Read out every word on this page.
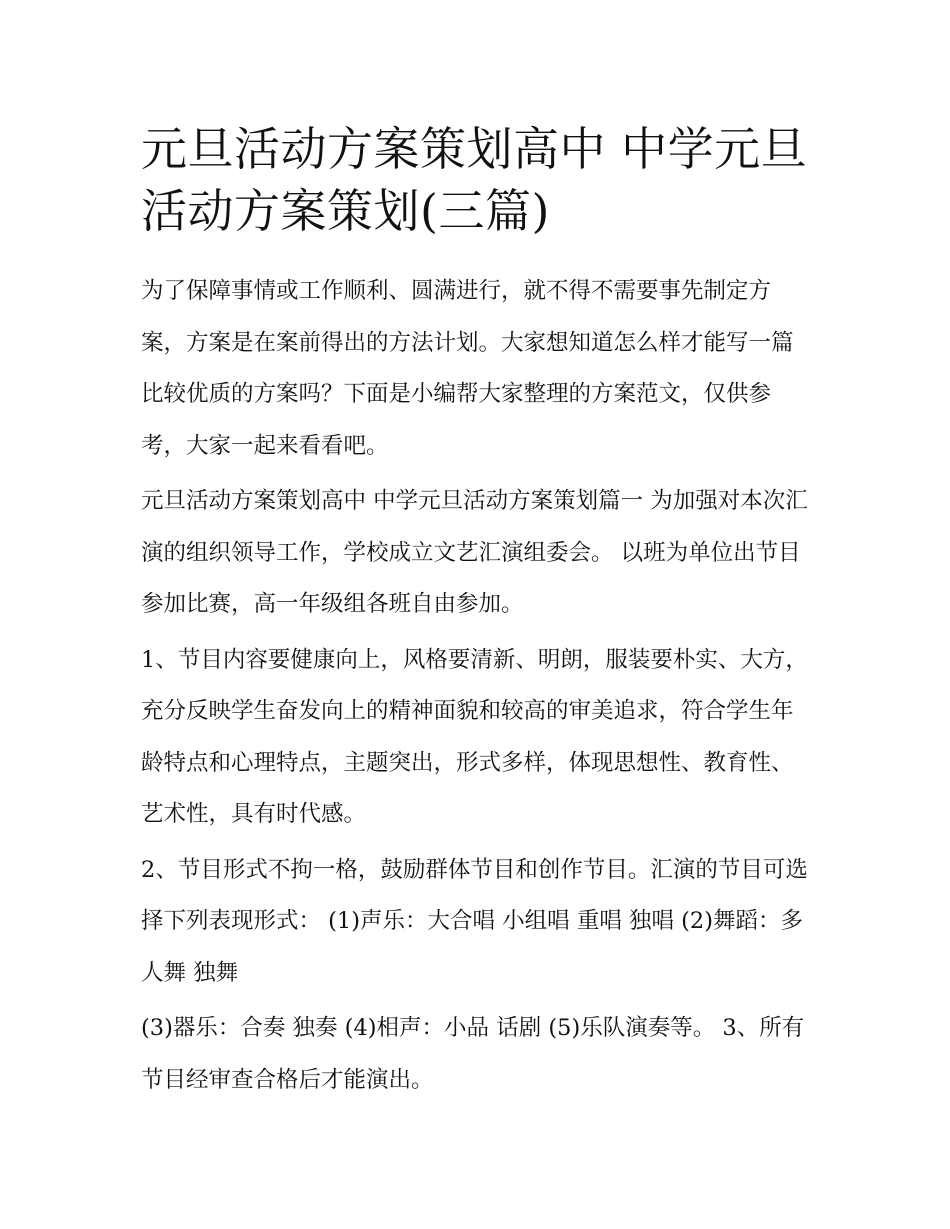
元旦活动方案策划高中 中学元旦活动方案策划(三篇)

为了保障事情或工作顺利、圆满进行，就不得不需要事先制定方案，方案是在案前得出的方法计划。大家想知道怎么样才能写一篇比较优质的方案吗？下面是小编帮大家整理的方案范文，仅供参考，大家一起来看看吧。

元旦活动方案策划高中 中学元旦活动方案策划篇一 为加强对本次汇演的组织领导工作，学校成立文艺汇演组委会。 以班为单位出节目参加比赛，高一年级组各班自由参加。

1、节目内容要健康向上，风格要清新、明朗，服装要朴实、大方，充分反映学生奋发向上的精神面貌和较高的审美追求，符合学生年龄特点和心理特点，主题突出，形式多样，体现思想性、教育性、艺术性，具有时代感。

2、节目形式不拘一格，鼓励群体节目和创作节目。汇演的节目可选择下列表现形式： (1)声乐：大合唱 小组唱 重唱 独唱 (2)舞蹈：多人舞 独舞

(3)器乐：合奏 独奏 (4)相声：小品 话剧 (5)乐队演奏等。 3、所有节目经审查合格后才能演出。
